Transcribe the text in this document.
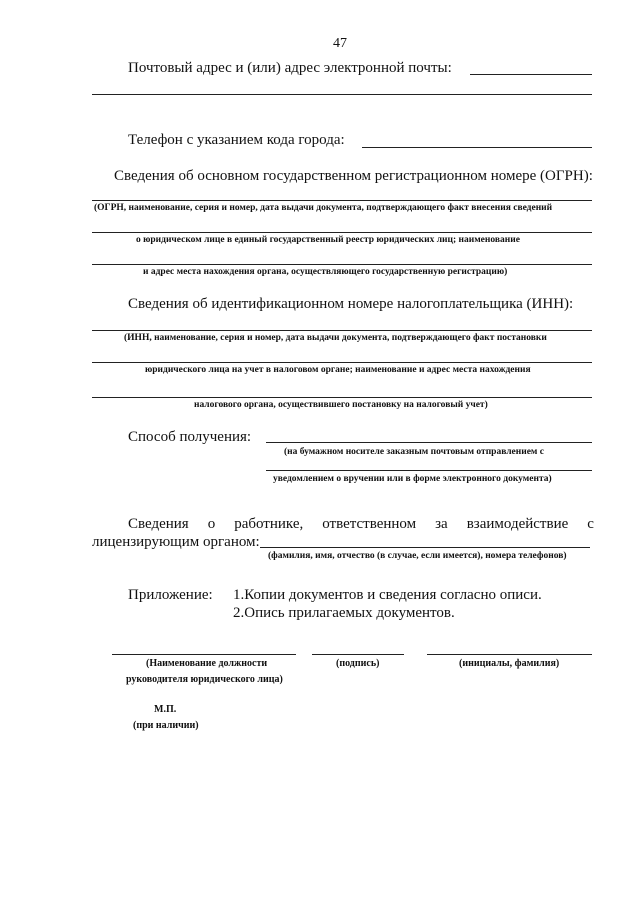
47
Почтовый адрес и (или) адрес электронной почты:
Телефон с указанием кода города:
Сведения об основном государственном регистрационном номере (ОГРН):
(ОГРН, наименование, серия и номер, дата выдачи документа, подтверждающего факт внесения сведений
о юридическом лице в единый государственный реестр юридических лиц; наименование
и адрес места нахождения органа, осуществляющего государственную регистрацию)
Сведения об идентификационном номере налогоплательщика (ИНН):
(ИНН, наименование, серия и номер, дата выдачи документа, подтверждающего факт постановки
юридического лица на учет в налоговом органе; наименование и адрес места нахождения
налогового органа, осуществившего постановку на налоговый учет)
Способ получения:
(на бумажном носителе заказным почтовым отправлением с
уведомлением о вручении или в форме электронного документа)
Сведения о работнике, ответственном за взаимодействие с
лицензирующим органом:
(фамилия, имя, отчество (в случае, если имеется), номера телефонов)
Приложение: 1.Копии документов и сведения согласно описи.
2.Опись прилагаемых документов.
(Наименование должности
руководителя юридического лица)
(подпись)	(инициалы, фамилия)
М.П.
(при наличии)
